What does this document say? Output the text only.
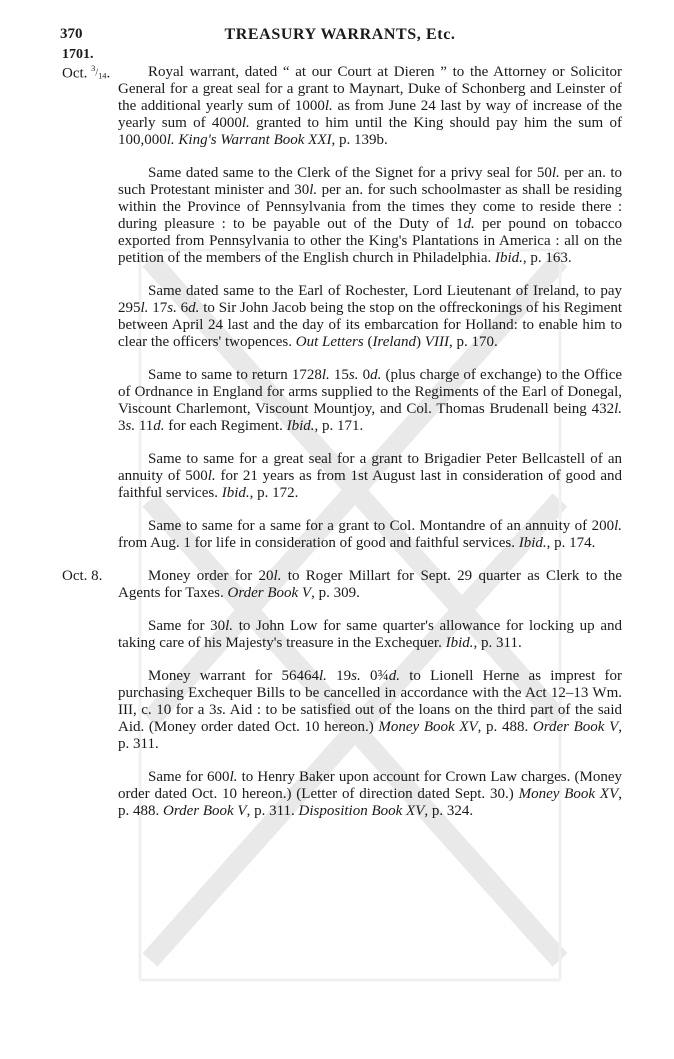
370	TREASURY WARRANTS, Etc.
1701.
Oct. $^3/_{14}$.	Royal warrant, dated “ at our Court at Dieren ” to the Attorney or Solicitor General for a great seal for a grant to Maynart, Duke of Schonberg and Leinster of the additional yearly sum of 1000l. as from June 24 last by way of increase of the yearly sum of 4000l. granted to him until the King should pay him the sum of 100,000l. King's Warrant Book XXI, p. 139b.
Same dated same to the Clerk of the Signet for a privy seal for 50l. per an. to such Protestant minister and 30l. per an. for such schoolmaster as shall be residing within the Province of Pennsylvania from the times they come to reside there : during pleasure : to be payable out of the Duty of 1d. per pound on tobacco exported from Pennsylvania to other the King's Plantations in America : all on the petition of the members of the English church in Philadelphia. Ibid., p. 163.
Same dated same to the Earl of Rochester, Lord Lieutenant of Ireland, to pay 295l. 17s. 6d. to Sir John Jacob being the stop on the offreckonings of his Regiment between April 24 last and the day of its embarcation for Holland: to enable him to clear the officers' twopences. Out Letters (Ireland) VIII, p. 170.
Same to same to return 1728l. 15s. 0d. (plus charge of exchange) to the Office of Ordnance in England for arms supplied to the Regiments of the Earl of Donegal, Viscount Charlemont, Viscount Mountjoy, and Col. Thomas Brudenall being 432l. 3s. 11d. for each Regiment. Ibid., p. 171.
Same to same for a great seal for a grant to Brigadier Peter Bellcastell of an annuity of 500l. for 21 years as from 1st August last in consideration of good and faithful services. Ibid., p. 172.
Same to same for a same for a grant to Col. Montandre of an annuity of 200l. from Aug. 1 for life in consideration of good and faithful services. Ibid., p. 174.
Oct. 8.	Money order for 20l. to Roger Millart for Sept. 29 quarter as Clerk to the Agents for Taxes. Order Book V, p. 309.
Same for 30l. to John Low for same quarter's allowance for locking up and taking care of his Majesty's treasure in the Exchequer. Ibid., p. 311.
Money warrant for 56464l. 19s. 0¾d. to Lionell Herne as imprest for purchasing Exchequer Bills to be cancelled in accordance with the Act 12–13 Wm. III, c. 10 for a 3s. Aid : to be satisfied out of the loans on the third part of the said Aid. (Money order dated Oct. 10 hereon.) Money Book XV, p. 488. Order Book V, p. 311.
Same for 600l. to Henry Baker upon account for Crown Law charges. (Money order dated Oct. 10 hereon.) (Letter of direction dated Sept. 30.) Money Book XV, p. 488. Order Book V, p. 311. Disposition Book XV, p. 324.
